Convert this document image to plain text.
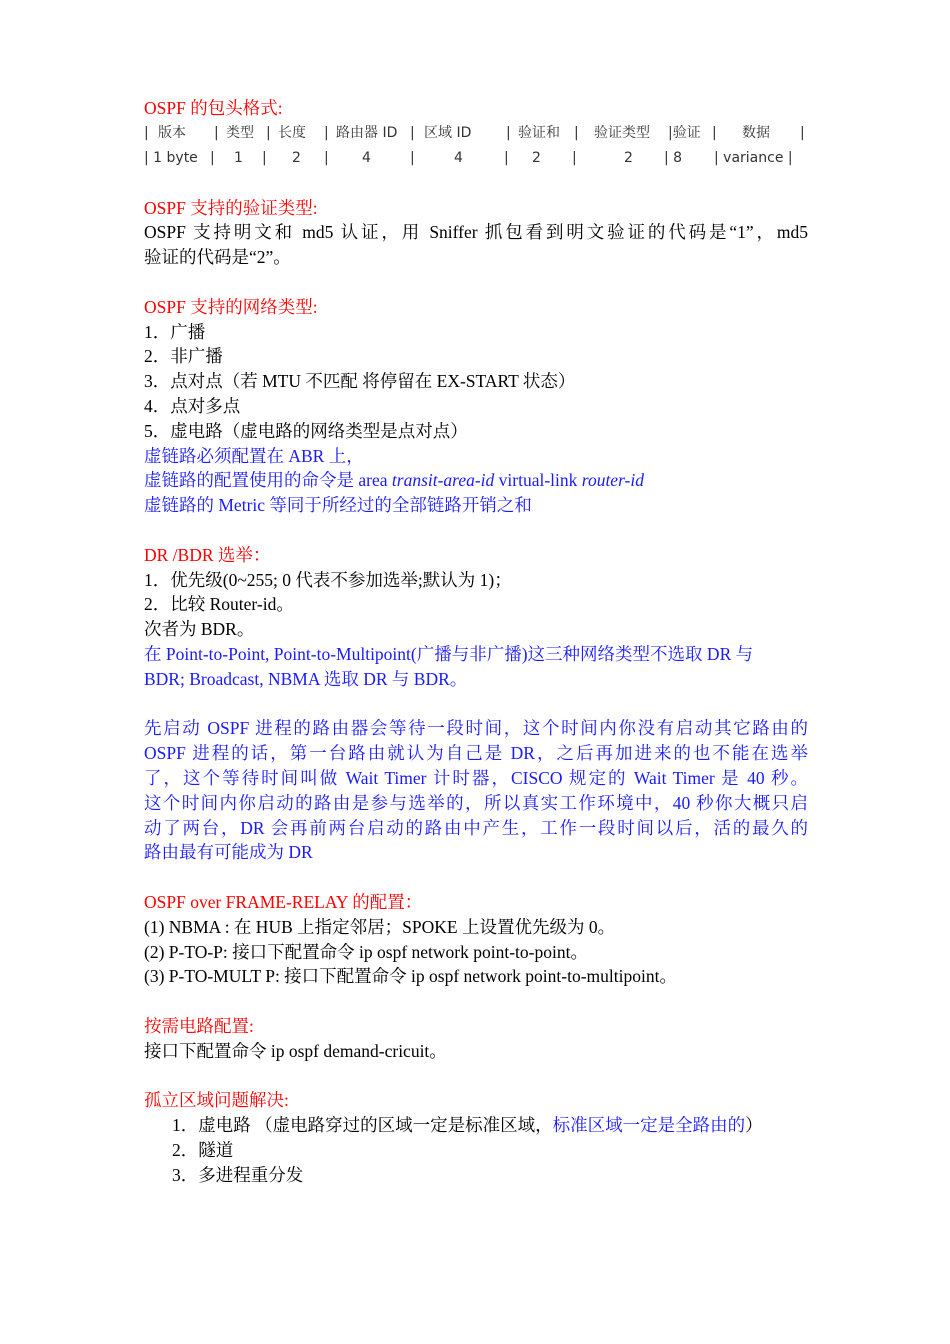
OSPF 的包头格式:
| 版本 | 类型 | 长度 | 路由器 ID | 区域 ID | 验证和 | 验证类型 |验证 | 数据 |
| 1 byte | 1 | 2 | 4	|	4	| 2 |	2 | 8 | variance |
OSPF 支持的验证类型:
OSPF 支持明文和 md5 认证，用 Sniffer 抓包看到明文验证的代码是“1”，md5
验证的代码是“2”。
OSPF 支持的网络类型:
1．广播
2．非广播
3．点对点（若 MTU 不匹配 将停留在 EX-START 状态）
4．点对多点
5．虚电路（虚电路的网络类型是点对点）
虚链路必须配置在 ABR 上，
虚链路的配置使用的命令是 area transit-area-id virtual-link router-id
虚链路的 Metric 等同于所经过的全部链路开销之和
DR /BDR 选举：
1．优先级(0~255; 0 代表不参加选举;默认为 1)；
2．比较 Router-id。
次者为 BDR。
在 Point-to-Point, Point-to-Multipoint(广播与非广播)这三种网络类型不选取 DR 与
BDR; Broadcast, NBMA 选取 DR 与 BDR。
先启动 OSPF 进程的路由器会等待一段时间，这个时间内你没有启动其它路由的
OSPF 进程的话，第一台路由就认为自己是 DR，之后再加进来的也不能在选举
了，这个等待时间叫做 Wait Timer 计时器，CISCO 规定的 Wait Timer 是 40 秒。
这个时间内你启动的路由是参与选举的，所以真实工作环境中，40 秒你大概只启
动了两台，DR 会再前两台启动的路由中产生，工作一段时间以后，活的最久的
路由最有可能成为 DR
OSPF over FRAME-RELAY 的配置：
(1) NBMA : 在 HUB 上指定邻居；SPOKE 上设置优先级为 0。
(2) P-TO-P: 接口下配置命令 ip ospf network point-to-point。
(3) P-TO-MULT P: 接口下配置命令 ip ospf network point-to-multipoint。
按需电路配置:
接口下配置命令 ip ospf demand-cricuit。
孤立区域问题解决:
1．虚电路 （虚电路穿过的区域一定是标准区域，标准区域一定是全路由的）
2．隧道
3．多进程重分发
